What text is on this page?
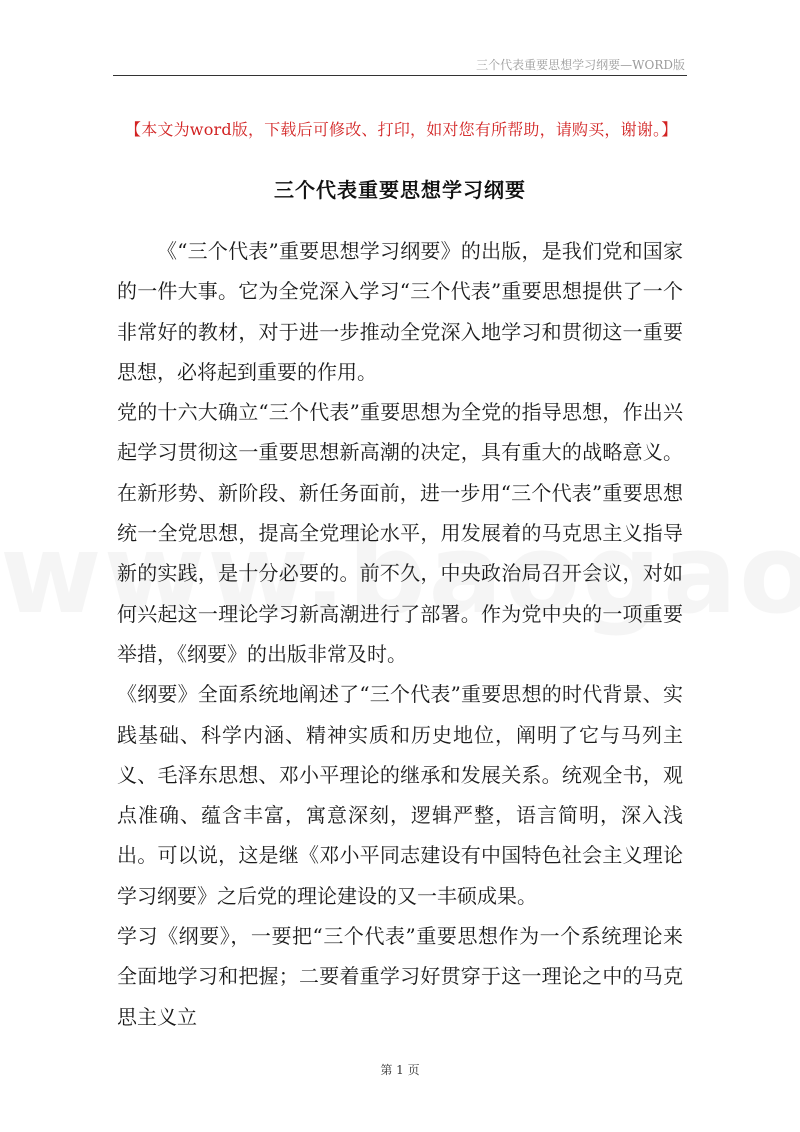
三个代表重要思想学习纲要—WORD版
【本文为word版，下载后可修改、打印，如对您有所帮助，请购买，谢谢。】
三个代表重要思想学习纲要

《“三个代表”重要思想学习纲要》的出版，是我们党和国家的一件大事。它为全党深入学习“三个代表”重要思想提供了一个非常好的教材，对于进一步推动全党深入地学习和贯彻这一重要思想，必将起到重要的作用。

党的十六大确立“三个代表”重要思想为全党的指导思想，作出兴起学习贯彻这一重要思想新高潮的决定，具有重大的战略意义。在新形势、新阶段、新任务面前，进一步用“三个代表”重要思想统一全党思想，提高全党理论水平，用发展着的马克思主义指导新的实践，是十分必要的。前不久，中央政治局召开会议，对如何兴起这一理论学习新高潮进行了部署。作为党中央的一项重要举措，《纲要》的出版非常及时。

《纲要》全面系统地阐述了“三个代表”重要思想的时代背景、实践基础、科学内涵、精神实质和历史地位，阐明了它与马列主义、毛泽东思想、邓小平理论的继承和发展关系。统观全书，观点准确、蕴含丰富，寓意深刻，逻辑严整，语言简明，深入浅出。可以说，这是继《邓小平同志建设有中国特色社会主义理论学习纲要》之后党的理论建设的又一丰硕成果。

学习《纲要》，一要把“三个代表”重要思想作为一个系统理论来全面地学习和把握；二要着重学习好贯穿于这一理论之中的马克思主义立

第 1 页
